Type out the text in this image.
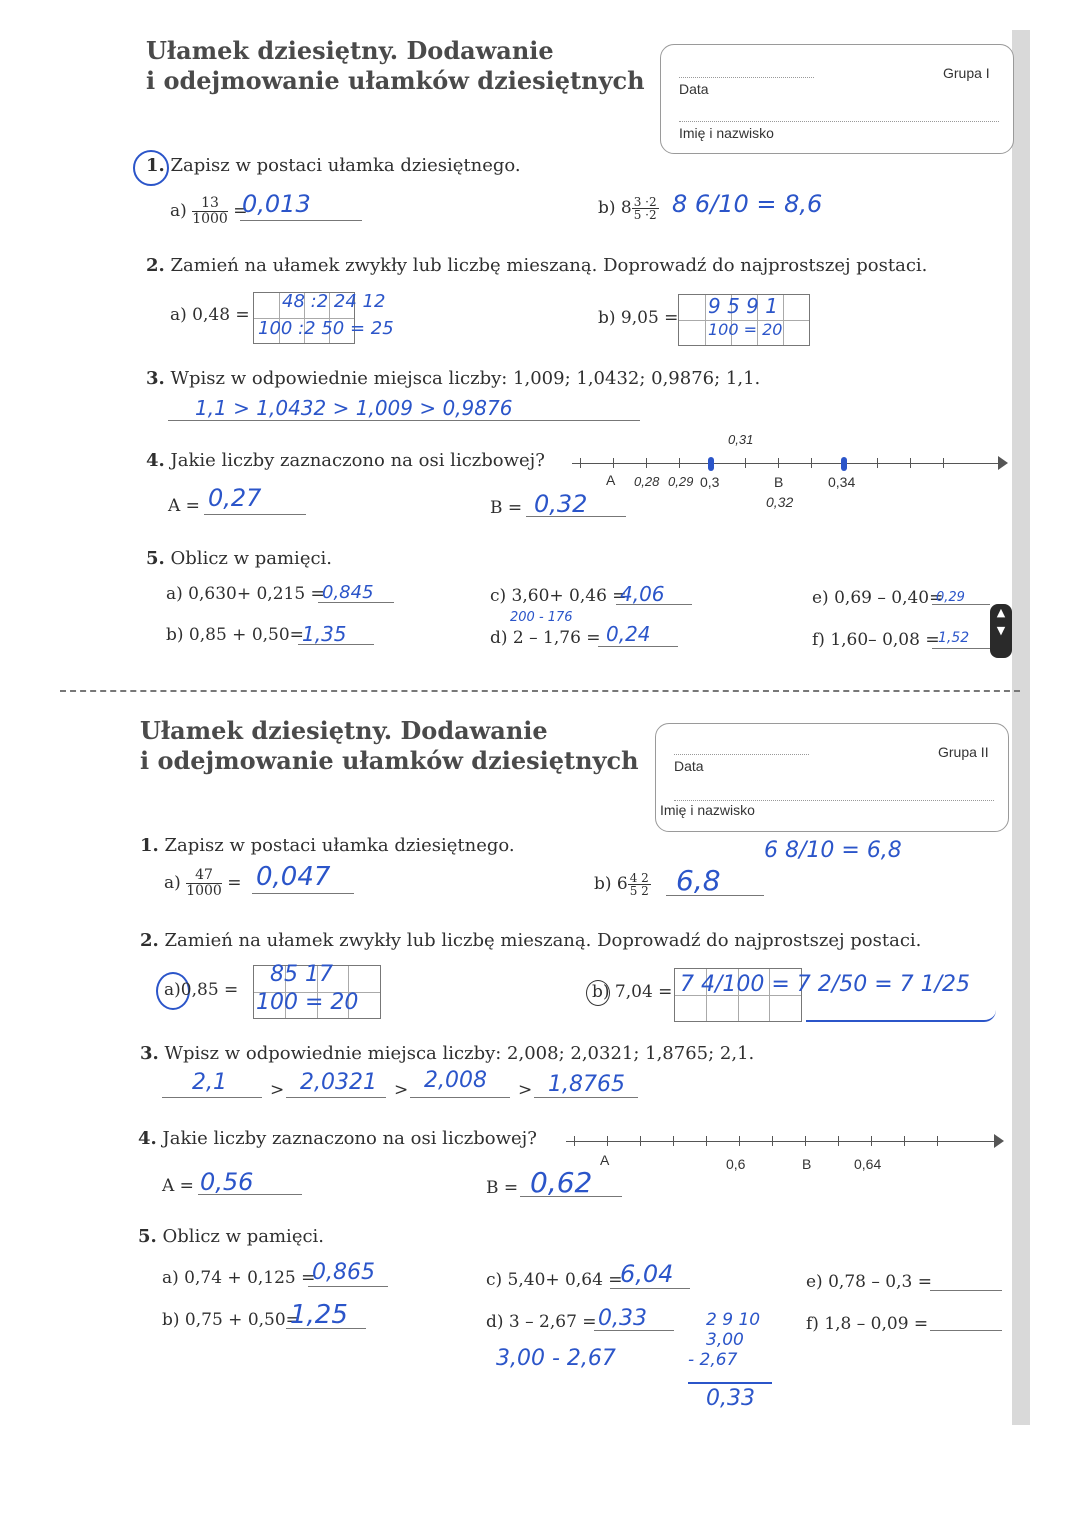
Ułamek dziesiętny. Dodawanie
i odejmowanie ułamków dziesiętnych Data
Grupa I
Imię i nazwisko
1. Zapisz w postaci ułamka dziesiętnego.
$a) \frac{13}{1000}$ =
0,013	b) $8 \frac{3 \cdot 2}{5 \cdot 2} 8$ 6/10 = 8,6
2. Zamień na ułamek zwykły lub liczbę mieszaną. Doprowadź do najprostszej postaci.
a) 0,48 =
48 :2 24 12
100 :2 50 = 25	b) 9,05 = 9 5 9 1
100 = 20
3. Wpisz w odpowiednie miejsca liczby: 1,009; 1,0432; 0,9876; 1,1.
1,1 > 1,0432 > 1,009 > 0,9876
4. Jakie liczby zaznaczono na osi liczbowej?
A = 0,27	B = 0,32
A 0,28 0,29 0,3
0,31
B
0,32
0,34
5. Oblicz w pamięci.
a) 0,630+ 0,215 =
0,845
b) 0,85 + 0,50=
1,35
c) 3,60+ 0,46 =
4,06
200 - 176
d) 2 – 1,76 = 0,24
e) 0,69 – 0,40=
0,29
f) 1,60– 0,08 =
1,52
▲
▼
Ułamek dziesiętny. Dodawanie
i odejmowanie ułamków dziesiętnych	Data
Grupa II
Imię i nazwisko
1. Zapisz w postaci ułamka dziesiętnego.	6 8/10 = 6,8
$a) \frac{47}{1000} = 0,047$	b) $6 \frac{4 2}{5 2} 6,8$
2. Zamień na ułamek zwykły lub liczbę mieszaną. Doprowadź do najprostszej postaci.
a)0,85 =
85 17
100 = 20	b) 7,04 = 7 4/100 = 7 2/50 = 7 1/25
3. Wpisz w odpowiednie miejsca liczby: 2,008; 2,0321; 1,8765; 2,1.
2,1	> 2,0321 > 2,008 > 1,8765
4. Jakie liczby zaznaczono na osi liczbowej?
A = 0,56	B = 0,62
A	0,6	B	0,64
5. Oblicz w pamięci.
a) 0,74 + 0,125 =
0,865
b) 0,75 + 0,50=
1,25
c) 5,40+ 0,64 =
6,04
d) 3 – 2,67 = 0,33
3,00 - 2,67
e) 0,78 – 0,3 =
f) 1,8 – 0,09 =
2 9 10
3,00
- 2,67
0,33
